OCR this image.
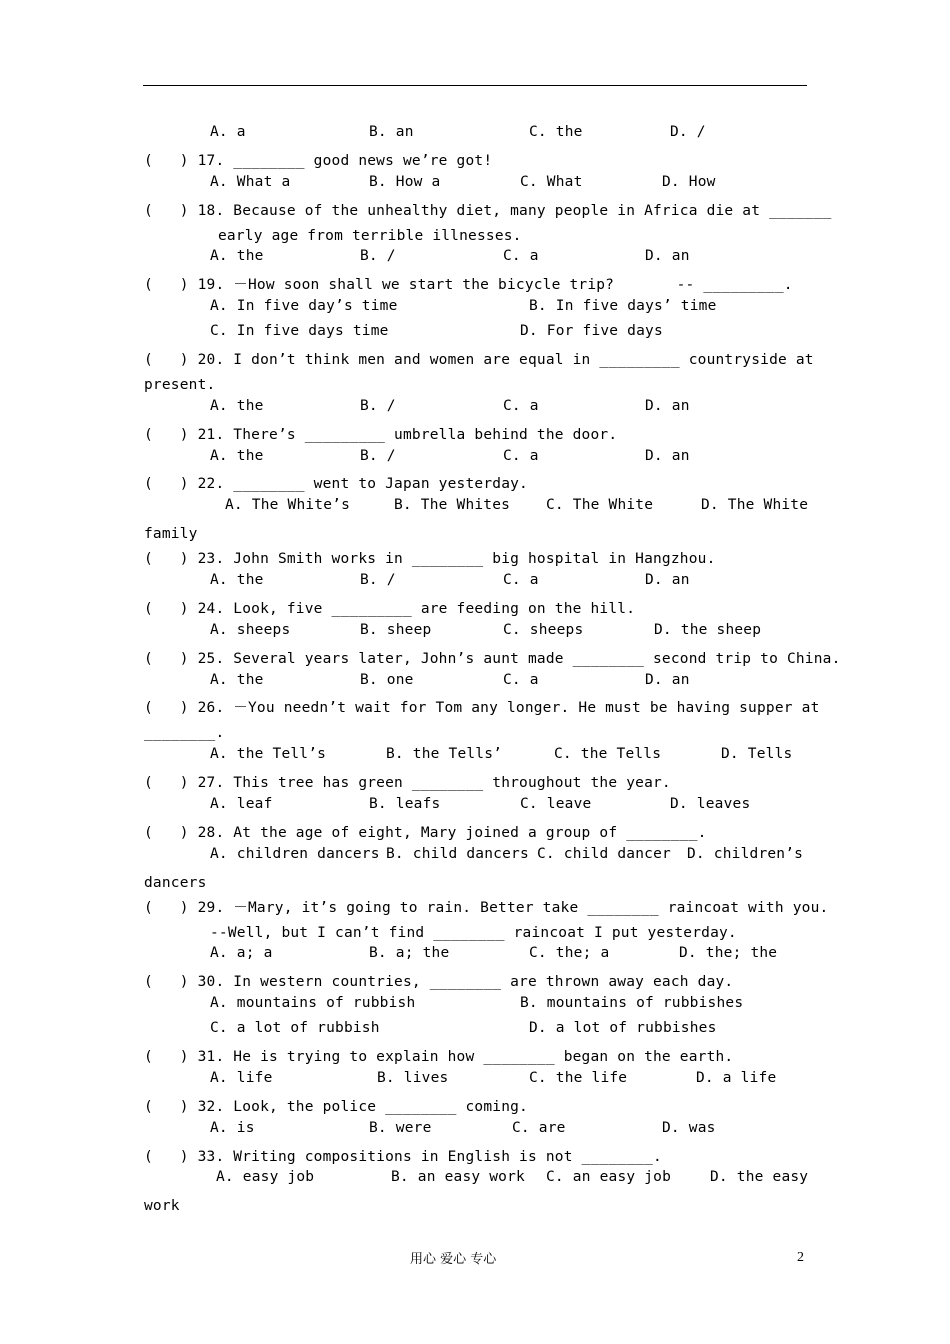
A. a	B. an	C. the	D. /
(   ) 17. ________ good news we’re got!
A. What a	B. How a	C. What	D. How
(   ) 18. Because of the unhealthy diet, many people in Africa die at _______
early age from terrible illnesses.
A. the	B. /	C. a	D. an
(   ) 19. －How soon shall we start the bicycle trip?       -- _________.
A. In five day’s time	B. In five days’ time
C. In five days time	D. For five days
(   ) 20. I don’t think men and women are equal in _________ countryside at
present.
A. the	B. /	C. a	D. an
(   ) 21. There’s _________ umbrella behind the door.
A. the	B. /	C. a	D. an
(   ) 22. ________ went to Japan yesterday.
A. The White’s	B. The Whites C. The White	D. The White
family
(   ) 23. John Smith works in ________ big hospital in Hangzhou.
A. the	B. /	C. a	D. an
(   ) 24. Look, five _________ are feeding on the hill.
A. sheeps	B. sheep	C. sheeps	D. the sheep
(   ) 25. Several years later, John’s aunt made ________ second trip to China.
A. the	B. one	C. a	D. an
(   ) 26. －You needn’t wait for Tom any longer. He must be having supper at
________.
A. the Tell’s	B. the Tells’	C. the Tells	D. Tells
(   ) 27. This tree has green ________ throughout the year.
A. leaf	B. leafs	C. leave	D. leaves
(   ) 28. At the age of eight, Mary joined a group of ________.
A. children dancers B. child dancers C. child dancer D. children’s
dancers
(   ) 29. －Mary, it’s going to rain. Better take ________ raincoat with you.
--Well, but I can’t find ________ raincoat I put yesterday.
A. a; a	B. a; the	C. the; a	D. the; the
(   ) 30. In western countries, ________ are thrown away each day.
A. mountains of rubbish	B. mountains of rubbishes
C. a lot of rubbish	D. a lot of rubbishes
(   ) 31. He is trying to explain how ________ began on the earth.
A. life	B. lives	C. the life	D. a life
(   ) 32. Look, the police ________ coming.
A. is	B. were	C. are	D. was
(   ) 33. Writing compositions in English is not ________.
A. easy job	B. an easy work C. an easy job	D. the easy
work
用心 爱心 专心	2
